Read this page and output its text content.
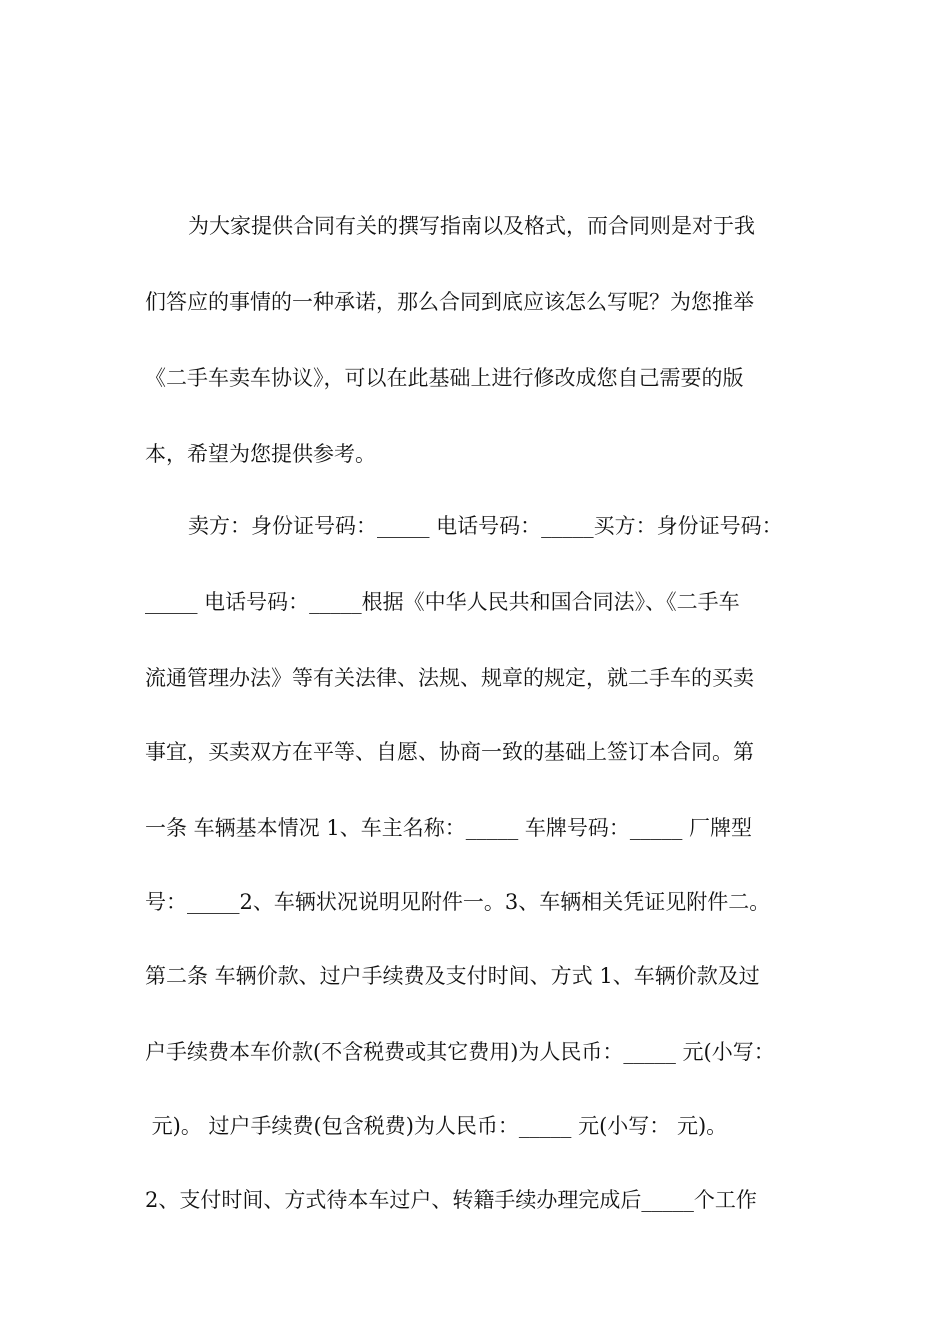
为大家提供合同有关的撰写指南以及格式，而合同则是对于我
们答应的事情的一种承诺，那么合同到底应该怎么写呢？为您推举
《二手车卖车协议》，可以在此基础上进行修改成您自己需要的版
本，希望为您提供参考。
卖方：身份证号码：_____ 电话号码：_____买方：身份证号码：
_____ 电话号码：_____根据《中华人民共和国合同法》、《二手车
流通管理办法》等有关法律、法规、规章的规定，就二手车的买卖
事宜，买卖双方在平等、自愿、协商一致的基础上签订本合同。第
一条 车辆基本情况 1、车主名称：_____ 车牌号码：_____ 厂牌型
号：_____2、车辆状况说明见附件一。3、车辆相关凭证见附件二。
第二条 车辆价款、过户手续费及支付时间、方式 1、车辆价款及过
户手续费本车价款(不含税费或其它费用)为人民币：_____ 元(小写：
元)。 过户手续费(包含税费)为人民币：_____ 元(小写： 元)。
2、支付时间、方式待本车过户、转籍手续办理完成后_____个工作
